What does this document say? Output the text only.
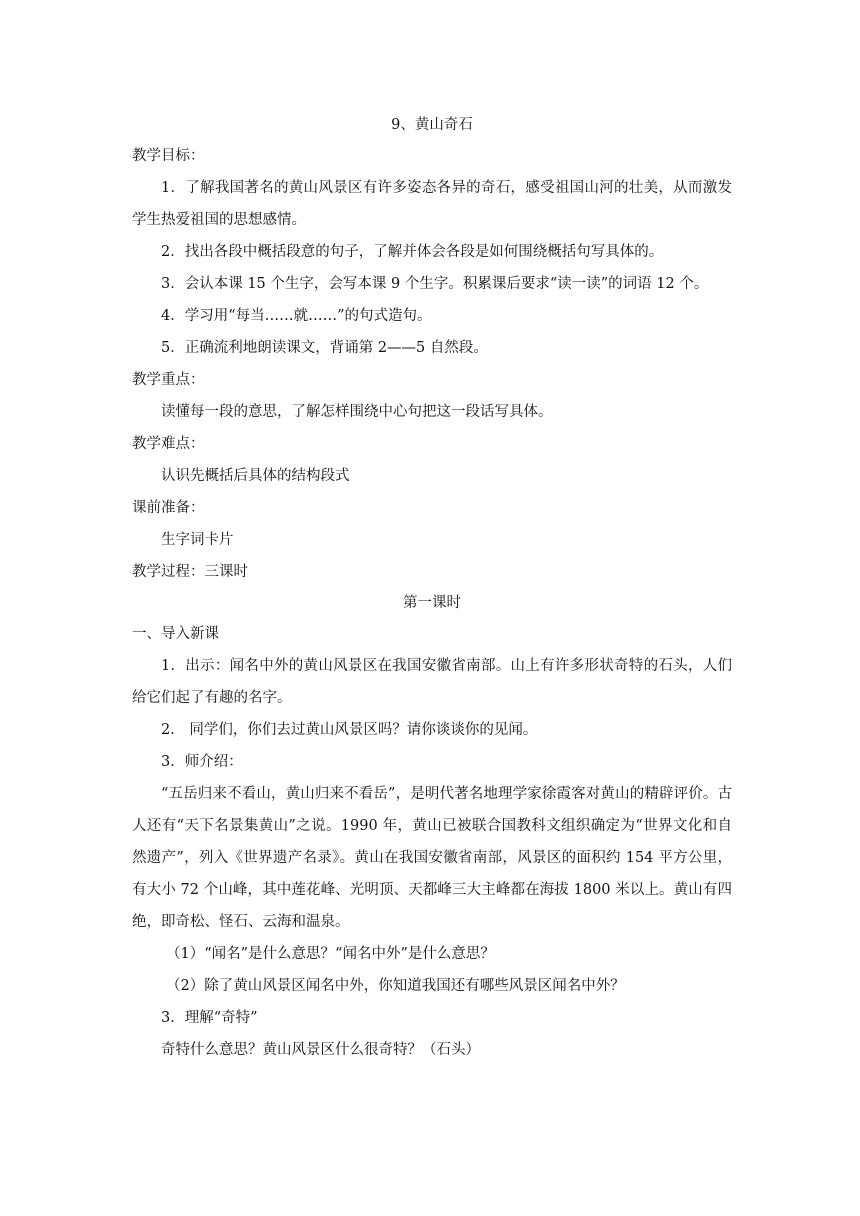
9、黄山奇石
教学目标：

1．了解我国著名的黄山风景区有许多姿态各异的奇石，感受祖国山河的壮美，从而激发学生热爱祖国的思想感情。

2．找出各段中概括段意的句子，了解并体会各段是如何围绕概括句写具体的。
3．会认本课 15 个生字，会写本课 9 个生字。积累课后要求“读一读”的词语 12 个。
4．学习用“每当……就……”的句式造句。
5．正确流利地朗读课文，背诵第 2——5 自然段。
教学重点：
读懂每一段的意思，了解怎样围绕中心句把这一段话写具体。
教学难点：
认识先概括后具体的结构段式
课前准备：
生字词卡片
教学过程：三课时
第一课时
一、导入新课

1．出示：闻名中外的黄山风景区在我国安徽省南部。山上有许多形状奇特的石头，人们给它们起了有趣的名字。

2． 同学们，你们去过黄山风景区吗？请你谈谈你的见闻。
3．师介绍：

“五岳归来不看山，黄山归来不看岳”，是明代著名地理学家徐霞客对黄山的精辟评价。古人还有“天下名景集黄山”之说。1990 年，黄山已被联合国教科文组织确定为“世界文化和自然遗产”，列入《世界遗产名录》。黄山在我国安徽省南部，风景区的面积约 154 平方公里，有大小 72 个山峰，其中莲花峰、光明顶、天都峰三大主峰都在海拔 1800 米以上。黄山有四绝，即奇松、怪石、云海和温泉。

（1）“闻名”是什么意思？“闻名中外”是什么意思？
（2）除了黄山风景区闻名中外，你知道我国还有哪些风景区闻名中外？
3．理解“奇特”
奇特什么意思？黄山风景区什么很奇特？（石头）
